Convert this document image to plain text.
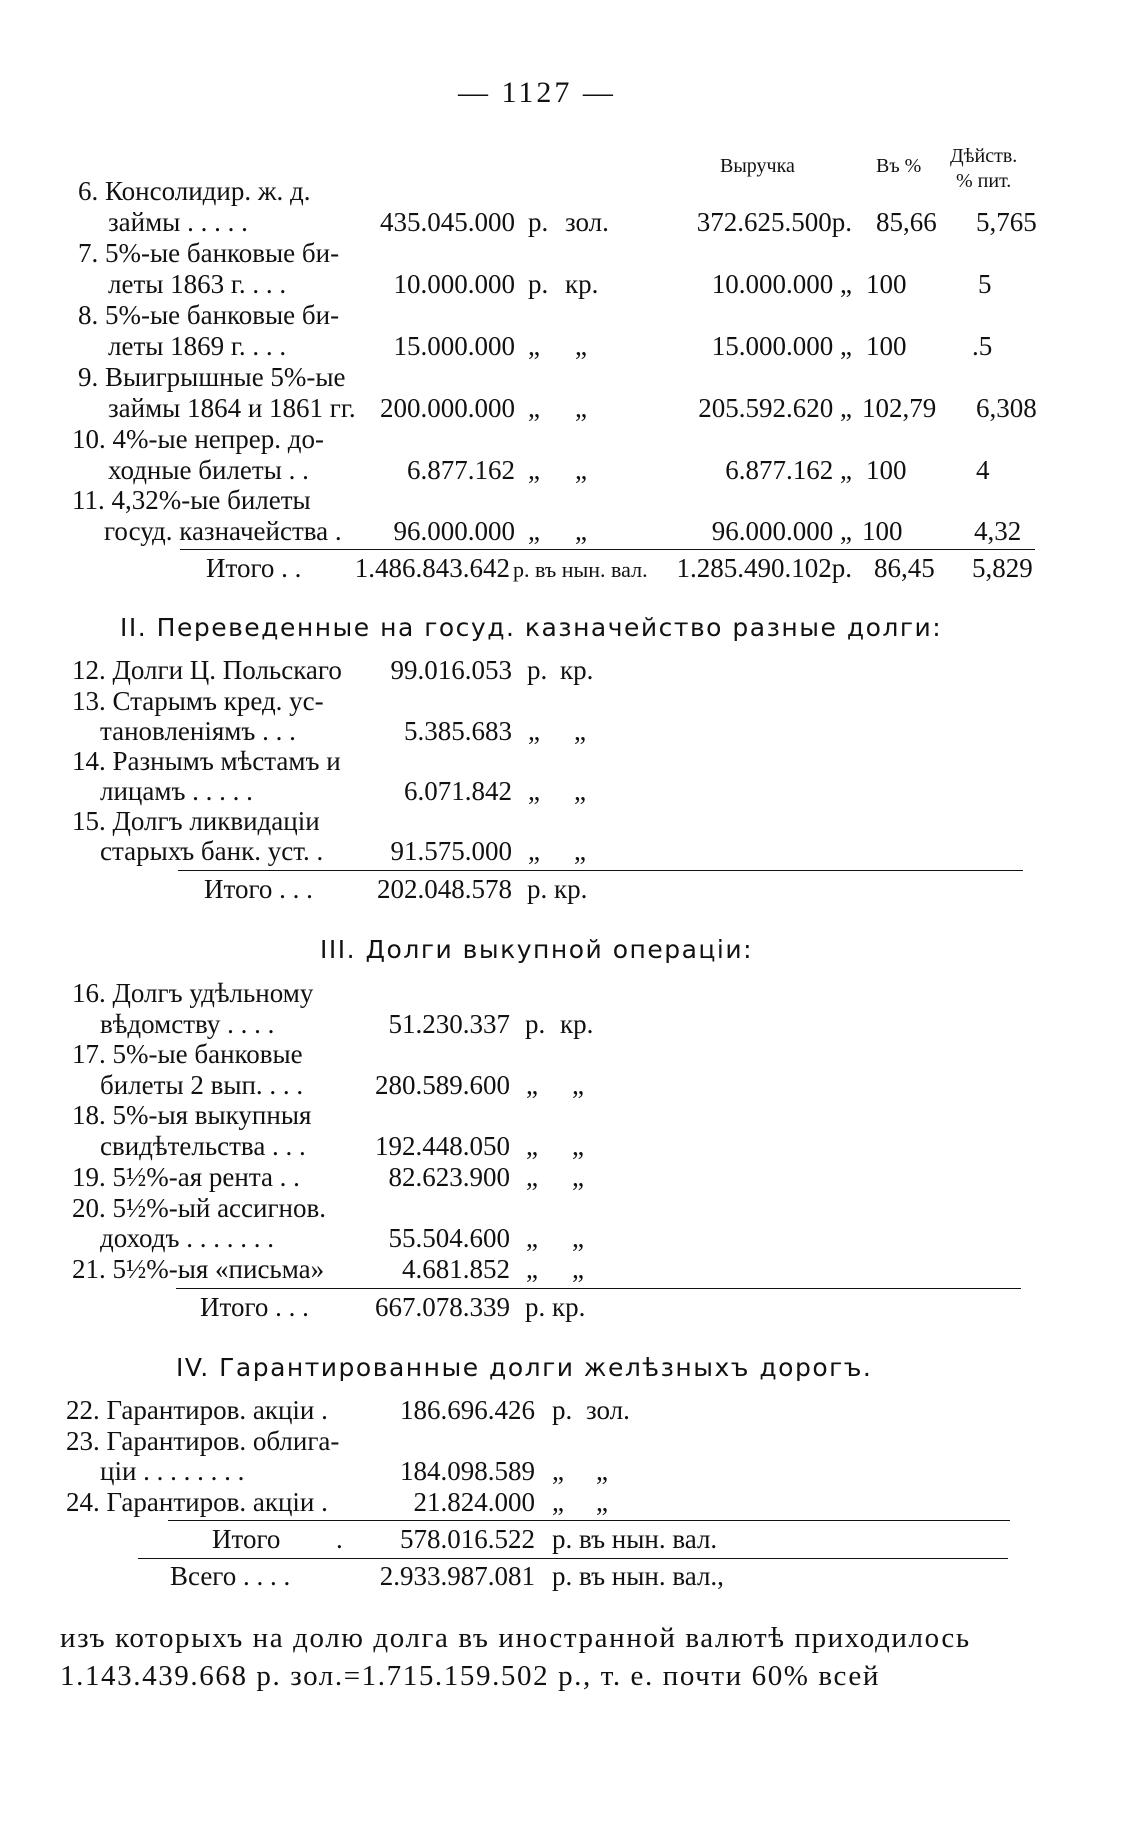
— 1127 —
Выручка	Въ % Дѣйств.
% пит.
6. Консолидир. ж. д.
займы . . . . .	435.045.000 р. зол.	372.625.500р. 85,66 5,765
7. 5%-ые банковые би-
леты 1863 г. . . .	10.000.000 р. кр.	10.000.000 „ 100	5
8. 5%-ые банковые би-
леты 1869 г. . . .	15.000.000 „ „	15.000.000 „ 100 .5
9. Выигрышные 5%-ые
займы 1864 и 1861 гг. 200.000.000 „ „	205.592.620 „ 102,79 6,308
10. 4%-ые непрер. до-
ходные билеты . .	6.877.162 „ „	6.877.162 „ 100	4
11. 4,32%-ые билеты
госуд. казначейства .	96.000.000 „ „	96.000.000 „ 100	4,32
Итого . .	1.486.843.642 р. въ нын. вал.	1.285.490.102р. 86,45 5,829
II. Переведенные на госуд. казначейство разные долги:
12. Долги Ц. Польскаго	99.016.053 р. кр.
13. Старымъ кред. ус-
тановленіямъ . . .	5.385.683 „ „
14. Разнымъ мѣстамъ и
лицамъ . . . . .	6.071.842 „ „
15. Долгъ ликвидаціи
старыхъ банк. уст. .	91.575.000 „ „
Итого . . .	202.048.578 р. кр.
III. Долги выкупной операціи:
16. Долгъ удѣльному
вѣдомству . . . .	51.230.337 р. кр.
17. 5%-ые банковые
билеты 2 вып. . . .	280.589.600 „ „
18. 5%-ыя выкупныя
свидѣтельства . . .	192.448.050 „ „
19. 5½%-ая рента . .	82.623.900 „ „
20. 5½%-ый ассигнов.
доходъ . . . . . . .	55.504.600 „ „
21. 5½%-ыя «письма»	4.681.852 „ „
Итого . . .	667.078.339 р. кр.
IV. Гарантированные долги желѣзныхъ дорогъ.
22. Гарантиров. акціи .	186.696.426 р. зол.
23. Гарантиров. облига-
ціи . . . . . . . .	184.098.589 „ „
24. Гарантиров. акціи .	21.824.000 „ „
Итого .	578.016.522 р. въ нын. вал.
Всего . . . .	2.933.987.081 р. въ нын. вал.,
изъ которыхъ на долю долга въ иностранной валютѣ приходилось
1.143.439.668 р. зол.=1.715.159.502 р., т. е. почти 60% всей
